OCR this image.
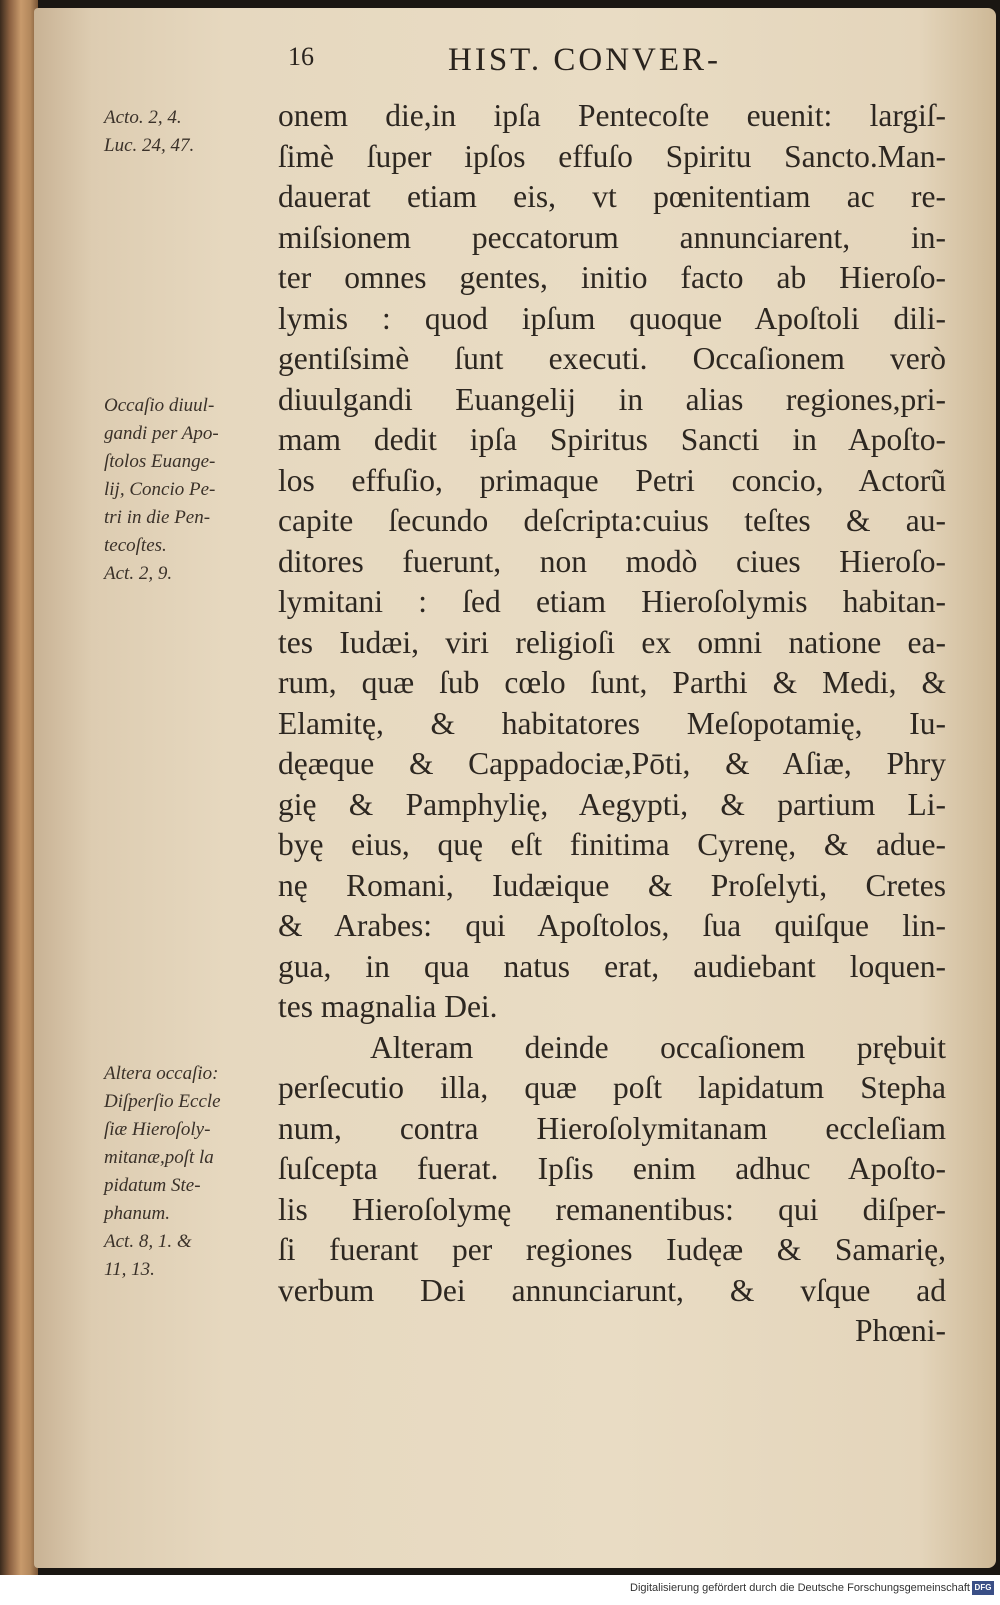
16	HIST. CONVER-
Acto. 2, 4.
Luc. 24, 47.
Occaſio diuul-
gandi per Apo-
ſtolos Euange-
lij, Concio Pe-
tri in die Pen-
tecoſtes.
Act. 2, 9.
Altera occaſio:
Diſperſio Eccle
ſiæ Hieroſoly-
mitanæ,poſt la
pidatum Ste-
phanum.
Act. 8, 1. &
11, 13.
onem die,in ipſa Pentecoſte euenit: largiſ-
ſimè ſuper ipſos effuſo Spiritu Sancto.Man-
dauerat etiam eis, vt pœnitentiam ac re-
miſsionem peccatorum annunciarent, in-
ter omnes gentes, initio facto ab Hieroſo-
lymis : quod ipſum quoque Apoſtoli dili-
gentiſsimè ſunt executi. Occaſionem verò
diuulgandi Euangelij in alias regiones,pri-
mam dedit ipſa Spiritus Sancti in Apoſto-
los effuſio, primaque Petri concio, Actorũ
capite ſecundo deſcripta:cuius teſtes & au-
ditores fuerunt, non modò ciues Hieroſo-
lymitani : ſed etiam Hieroſolymis habitan-
tes Iudæi, viri religioſi ex omni natione ea-
rum, quæ ſub cœlo ſunt, Parthi & Medi, &
Elamitę, & habitatores Meſopotamię, Iu-
dęæque & Cappadociæ,Pōti, & Aſiæ, Phry
gię & Pamphylię, Aegypti, & partium Li-
byę eius, quę eſt finitima Cyrenę, & adue-
nę Romani, Iudæique & Proſelyti, Cretes
& Arabes: qui Apoſtolos, ſua quiſque lin-
gua, in qua natus erat, audiebant loquen-
tes magnalia Dei.
Alteram deinde occaſionem prębuit
perſecutio illa, quæ poſt lapidatum Stepha
num, contra Hieroſolymitanam eccleſiam
ſuſcepta fuerat. Ipſis enim adhuc Apoſto-
lis Hieroſolymę remanentibus: qui diſper-
ſi fuerant per regiones Iudęæ & Samarię,
verbum Dei annunciarunt, & vſque ad
Phœni-
Digitalisierung gefördert durch die Deutsche Forschungsgemeinschaft DFG
